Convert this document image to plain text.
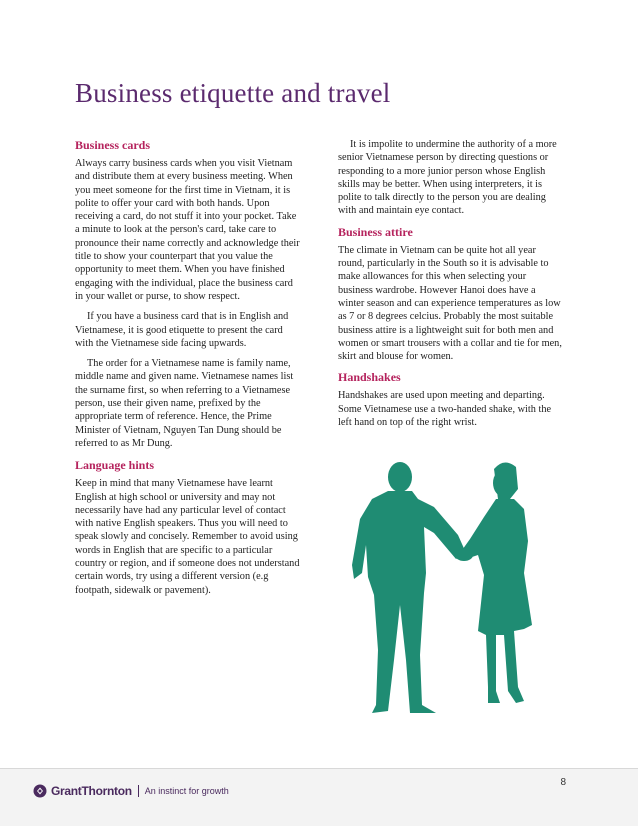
Business etiquette and travel
Business cards

Always carry business cards when you visit Vietnam and distribute them at every business meeting. When you meet someone for the first time in Vietnam, it is polite to offer your card with both hands. Upon receiving a card, do not stuff it into your pocket. Take a minute to look at the person's card, take care to pronounce their name correctly and acknowledge their title to show your counterpart that you value the opportunity to meet them. When you have finished engaging with the individual, place the business card in your wallet or purse, to show respect.

If you have a business card that is in English and Vietnamese, it is good etiquette to present the card with the Vietnamese side facing upwards.

The order for a Vietnamese name is family name, middle name and given name. Vietnamese names list the surname first, so when referring to a Vietnamese person, use their given name, prefixed by the appropriate term of reference. Hence, the Prime Minister of Vietnam, Nguyen Tan Dung should be referred to as Mr Dung.

Language hints

Keep in mind that many Vietnamese have learnt English at high school or university and may not necessarily have had any particular level of contact with native English speakers. Thus you will need to speak slowly and concisely. Remember to avoid using words in English that are specific to a particular country or region, and if someone does not understand certain words, try using a different version (e.g footpath, sidewalk or pavement).

It is impolite to undermine the authority of a more senior Vietnamese person by directing questions or responding to a more junior person whose English skills may be better. When using interpreters, it is polite to talk directly to the person you are dealing with and maintain eye contact.

Business attire

The climate in Vietnam can be quite hot all year round, particularly in the South so it is advisable to make allowances for this when selecting your business wardrobe. However Hanoi does have a winter season and can experience temperatures as low as 7 or 8 degrees celcius. Probably the most suitable business attire is a lightweight suit for both men and women or smart trousers with a collar and tie for men, skirt and blouse for women.

Handshakes

Handshakes are used upon meeting and departing. Some Vietnamese use a two-handed shake, with the left hand on top of the right wrist.

GrantThornton An instinct for growth
8
